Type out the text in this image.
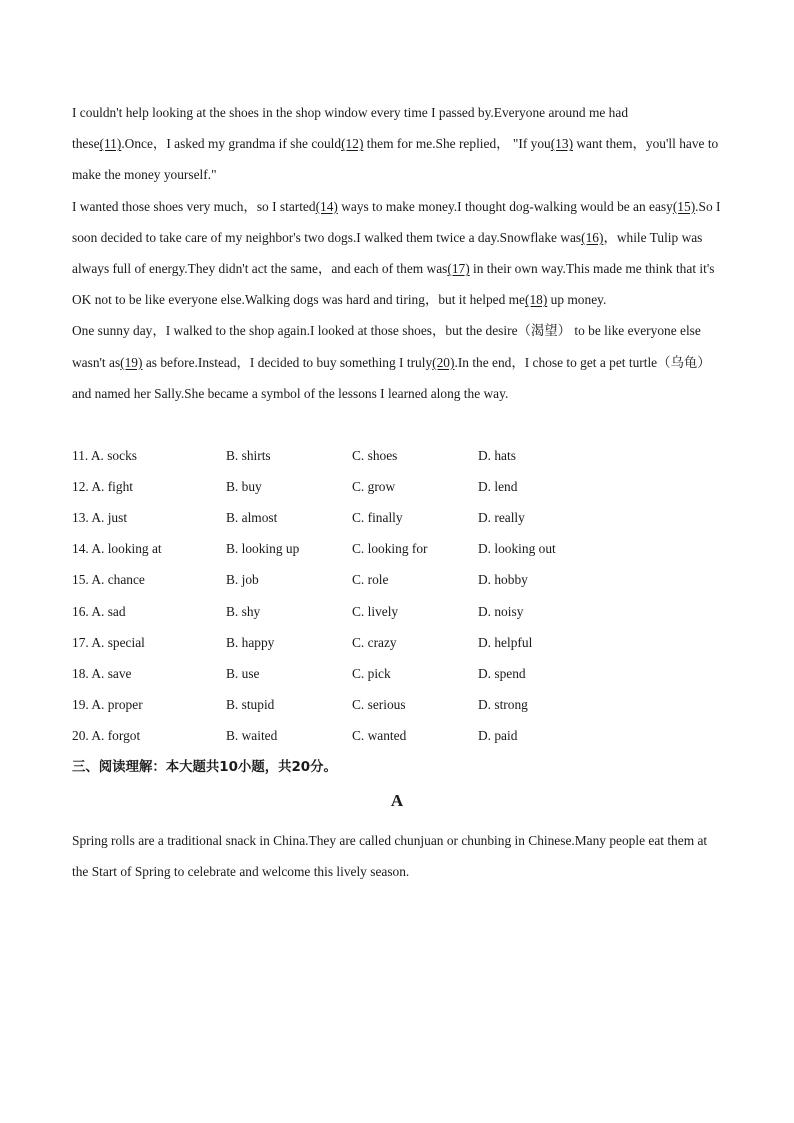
I couldn't help looking at the shoes in the shop window every time I passed by.Everyone around me had these(11).Once，I asked my grandma if she could(12) them for me.She replied， "If you(13) want them，you'll have to make the money yourself."

I wanted those shoes very much，so I started(14) ways to make money.I thought dog-walking would be an easy(15).So I soon decided to take care of my neighbor's two dogs.I walked them twice a day.Snowflake was(16)，while Tulip was always full of energy.They didn't act the same，and each of them was(17) in their own way.This made me think that it's OK not to be like everyone else.Walking dogs was hard and tiring，but it helped me(18) up money.

One sunny day，I walked to the shop again.I looked at those shoes，but the desire（渴望） to be like everyone else wasn't as(19) as before.Instead，I decided to buy something I truly(20).In the end，I chose to get a pet turtle（乌龟） and named her Sally.She became a symbol of the lessons I learned along the way.

11. A. socks	B. shirts	C. shoes	D. hats
12. A. fight	B. buy	C. grow	D. lend
13. A. just	B. almost	C. finally	D. really
14. A. looking at	B. looking up	C. looking for	D. looking out
15. A. chance	B. job	C. role	D. hobby
16. A. sad	B. shy	C. lively	D. noisy
17. A. special	B. happy	C. crazy	D. helpful
18. A. save	B. use	C. pick	D. spend
19. A. proper	B. stupid	C. serious	D. strong
20. A. forgot	B. waited	C. wanted	D. paid
三、阅读理解：本大题共10小题，共20分。
A

Spring rolls are a traditional snack in China.They are called chunjuan or chunbing in Chinese.Many people eat them at the Start of Spring to celebrate and welcome this lively season.
